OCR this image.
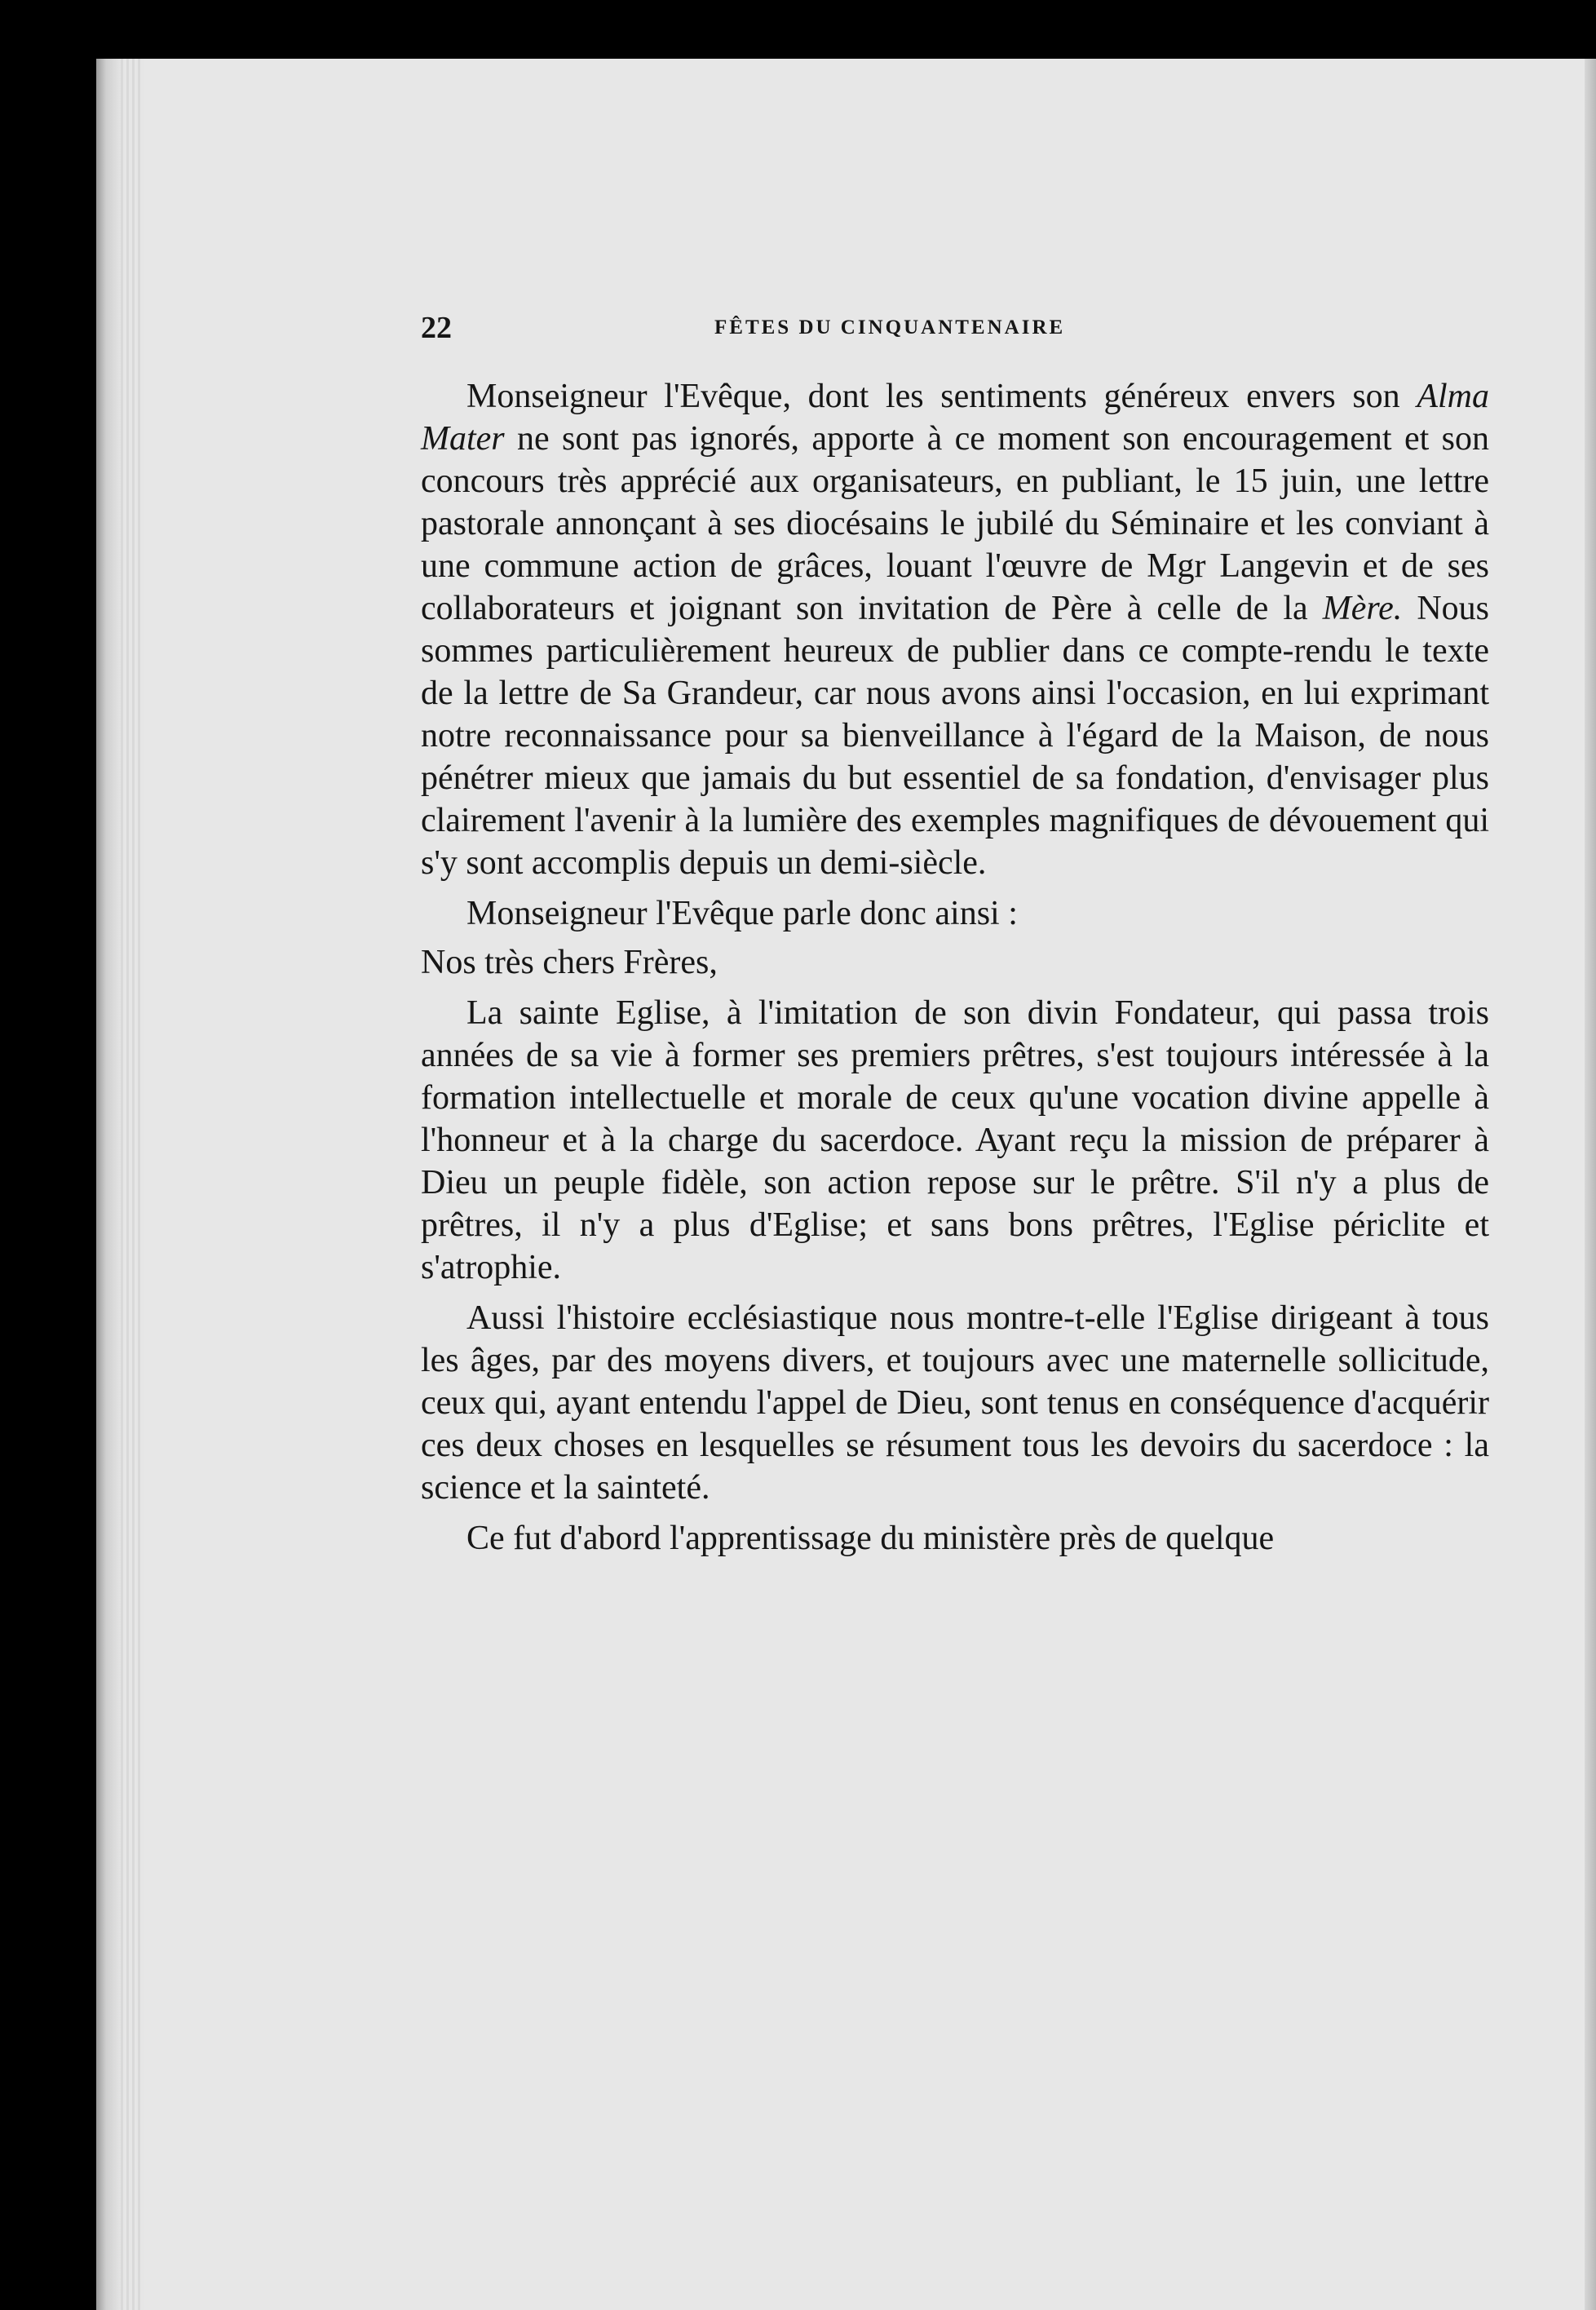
22	FÊTES DU CINQUANTENAIRE

Monseigneur l'Evêque, dont les sentiments généreux envers son Alma Mater ne sont pas ignorés, apporte à ce moment son encouragement et son concours très apprécié aux organisateurs, en publiant, le 15 juin, une lettre pastorale annonçant à ses diocésains le jubilé du Séminaire et les conviant à une commune action de grâces, louant l'œuvre de Mgr Langevin et de ses collaborateurs et joignant son invitation de Père à celle de la Mère. Nous sommes particulièrement heureux de publier dans ce compte-rendu le texte de la lettre de Sa Grandeur, car nous avons ainsi l'occasion, en lui exprimant notre reconnaissance pour sa bienveillance à l'égard de la Maison, de nous pénétrer mieux que jamais du but essentiel de sa fondation, d'envisager plus clairement l'avenir à la lumière des exemples magnifiques de dévouement qui s'y sont accomplis depuis un demi-siècle.

Monseigneur l'Evêque parle donc ainsi :

Nos très chers Frères,

La sainte Eglise, à l'imitation de son divin Fondateur, qui passa trois années de sa vie à former ses premiers prêtres, s'est toujours intéressée à la formation intellectuelle et morale de ceux qu'une vocation divine appelle à l'honneur et à la charge du sacerdoce. Ayant reçu la mission de préparer à Dieu un peuple fidèle, son action repose sur le prêtre. S'il n'y a plus de prêtres, il n'y a plus d'Eglise; et sans bons prêtres, l'Eglise périclite et s'atrophie.

Aussi l'histoire ecclésiastique nous montre-t-elle l'Eglise dirigeant à tous les âges, par des moyens divers, et toujours avec une maternelle sollicitude, ceux qui, ayant entendu l'appel de Dieu, sont tenus en conséquence d'acquérir ces deux choses en lesquelles se résument tous les devoirs du sacerdoce : la science et la sainteté.

Ce fut d'abord l'apprentissage du ministère près de quelque
